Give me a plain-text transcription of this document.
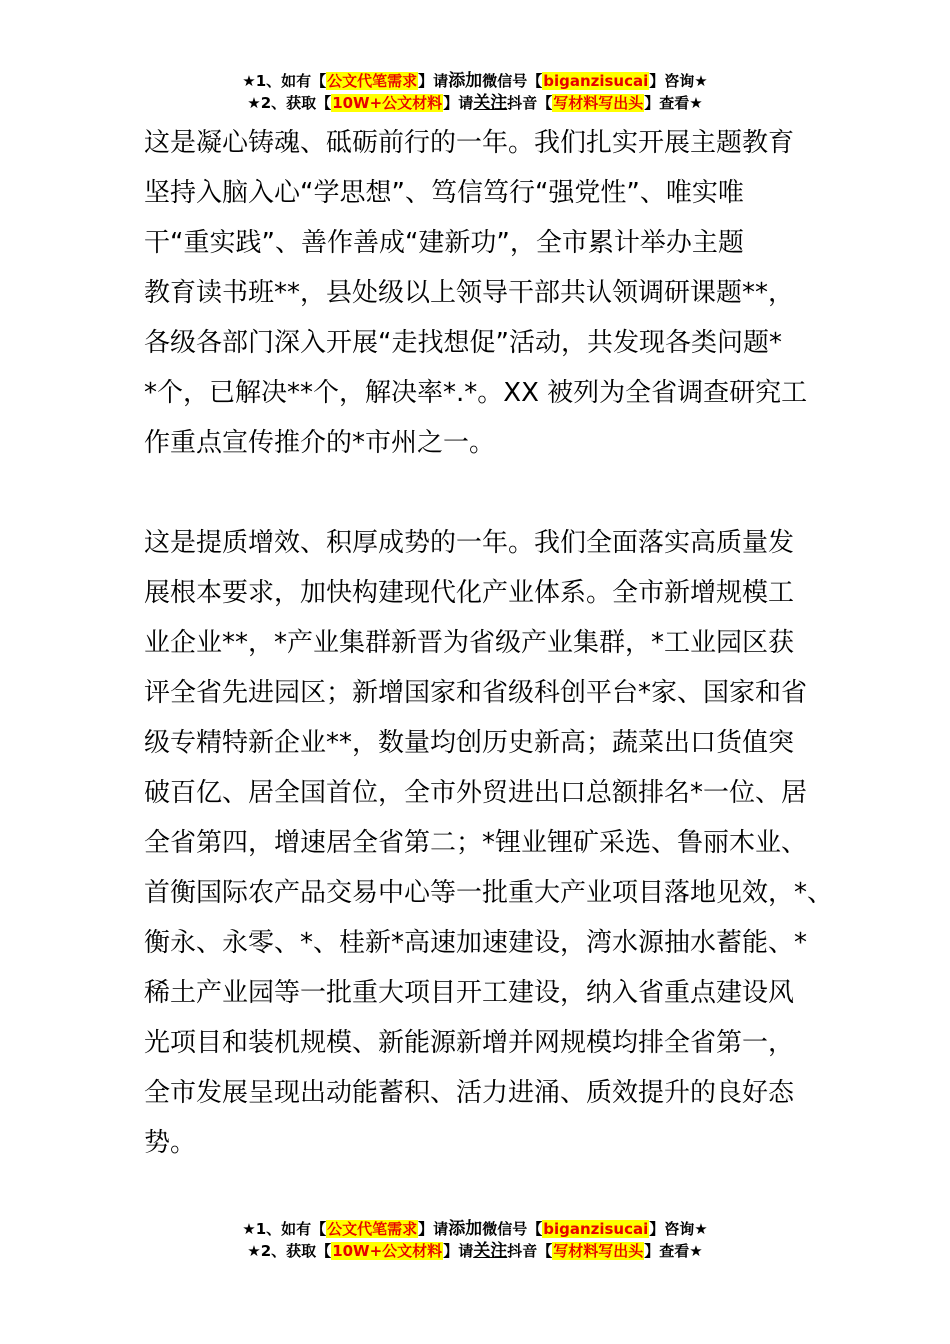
★1、如有【公文代笔需求】请添加微信号【biganzisucai】咨询★
★2、获取【10W+公文材料】请关注抖音【写材料写出头】查看★
这是凝心铸魂、砥砺前行的一年。我们扎实开展主题教育
坚持入脑入心“学思想”、笃信笃行“强党性”、唯实唯
干“重实践”、善作善成“建新功”，全市累计举办主题
教育读书班**，县处级以上领导干部共认领调研课题**，
各级各部门深入开展“走找想促”活动，共发现各类问题*
*个，已解决**个，解决率*.*。XX 被列为全省调查研究工
作重点宣传推介的*市州之一。
这是提质增效、积厚成势的一年。我们全面落实高质量发
展根本要求，加快构建现代化产业体系。全市新增规模工
业企业**，*产业集群新晋为省级产业集群，*工业园区获
评全省先进园区；新增国家和省级科创平台*家、国家和省
级专精特新企业**，数量均创历史新高；蔬菜出口货值突
破百亿、居全国首位，全市外贸进出口总额排名*一位、居
全省第四，增速居全省第二；*锂业锂矿采选、鲁丽木业、
首衡国际农产品交易中心等一批重大产业项目落地见效，*、
衡永、永零、*、桂新*高速加速建设，湾水源抽水蓄能、*
稀土产业园等一批重大项目开工建设，纳入省重点建设风
光项目和装机规模、新能源新增并网规模均排全省第一，
全市发展呈现出动能蓄积、活力进涌、质效提升的良好态
势。
★1、如有【公文代笔需求】请添加微信号【biganzisucai】咨询★
★2、获取【10W+公文材料】请关注抖音【写材料写出头】查看★
